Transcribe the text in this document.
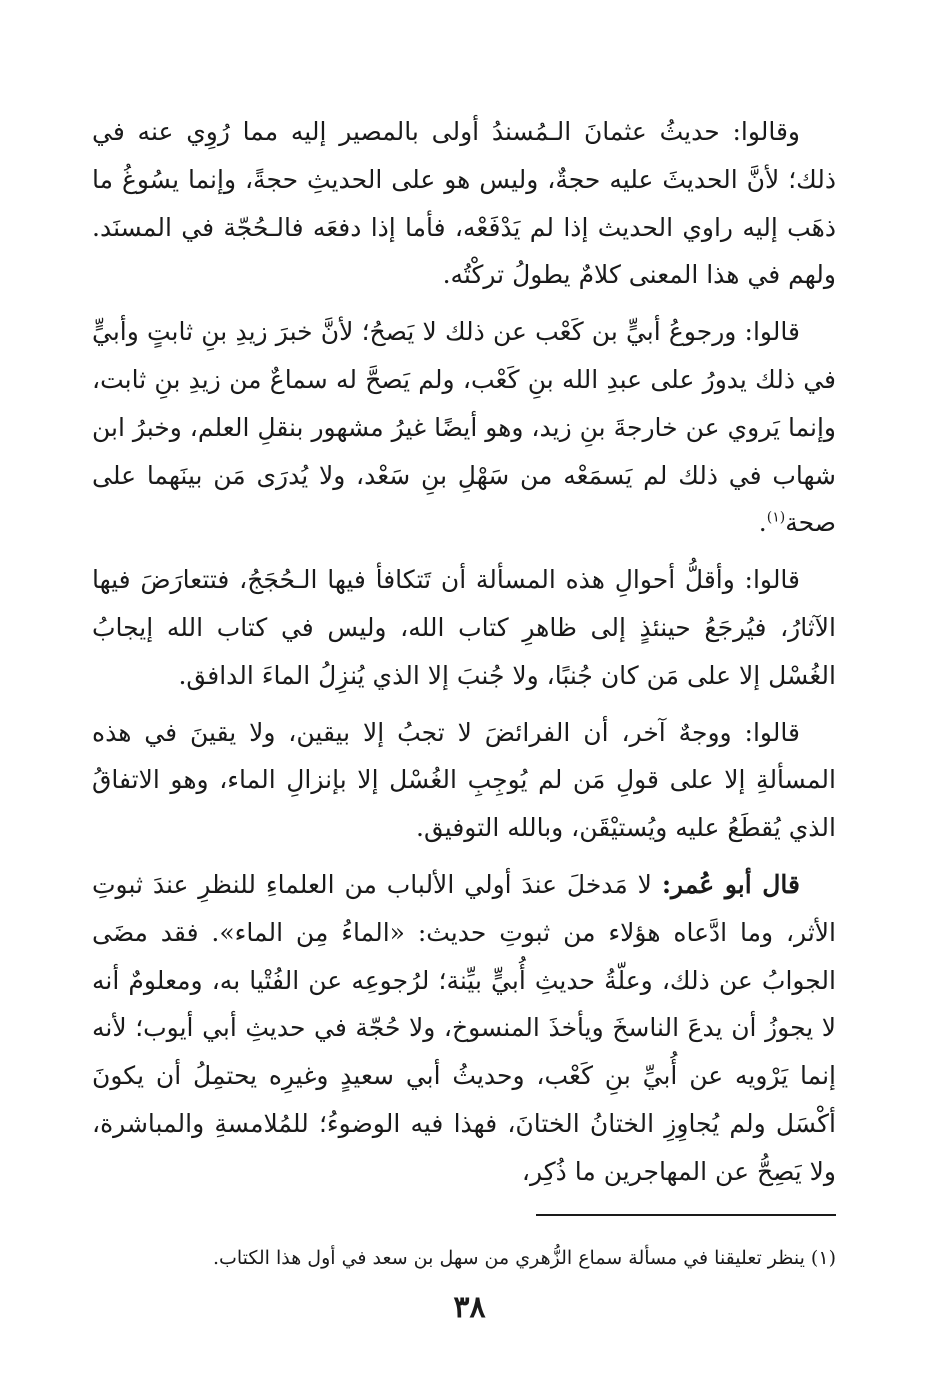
وقالوا: حديثُ عثمانَ الـمُسندُ أولى بالمصير إليه مما رُوِي عنه في ذلك؛ لأنَّ الحديثَ عليه حجةٌ، وليس هو على الحديثِ حجةً، وإنما يسُوغُ ما ذهَب إليه راوي الحديث إذا لم يَدْفَعْه، فأما إذا دفعَه فالـحُجّة في المسنَد. ولهم في هذا المعنى كلامٌ يطولُ تركْتُه.

قالوا: ورجوعُ أبيٍّ بن كَعْب عن ذلك لا يَصحُ؛ لأنَّ خبرَ زيدِ بنِ ثابتٍ وأبيٍّ في ذلك يدورُ على عبدِ الله بنِ كَعْب، ولم يَصحَّ له سماعٌ من زيدِ بنِ ثابت، وإنما يَروي عن خارجةَ بنِ زيد، وهو أيضًا غيرُ مشهور بنقلِ العلم، وخبرُ ابن شهاب في ذلك لم يَسمَعْه من سَهْلِ بنِ سَعْد، ولا يُدرَى مَن بينَهما على صحة$^{(١)}$.

قالوا: وأقلُّ أحوالِ هذه المسألة أن تَتكافأ فيها الـحُجَجُ، فتتعارَضَ فيها الآثارُ، فيُرجَعُ حينئذٍ إلى ظاهرِ كتاب الله، وليس في كتاب الله إيجابُ الغُسْل إلا على مَن كان جُنبًا، ولا جُنبَ إلا الذي يُنزِلُ الماءَ الدافق.

قالوا: ووجهٌ آخر، أن الفرائضَ لا تجبُ إلا بيقين، ولا يقينَ في هذه المسألةِ إلا على قولِ مَن لم يُوجِبِ الغُسْل إلا بإنزالِ الماء، وهو الاتفاقُ الذي يُقطَعُ عليه ويُستيْقَن، وبالله التوفيق.

قال أبو عُمر: لا مَدخلَ عندَ أولي الألباب من العلماءِ للنظرِ عندَ ثبوتِ الأثر، وما ادَّعاه هؤلاء من ثبوتِ حديث: «الماءُ مِن الماء». فقد مضَى الجوابُ عن ذلك، وعلّةُ حديثِ أُبيٍّ بيِّنة؛ لرُجوعِه عن الفُتْيا به، ومعلومٌ أنه لا يجوزُ أن يدعَ الناسخَ ويأخذَ المنسوخ، ولا حُجّة في حديثِ أبي أيوب؛ لأنه إنما يَرْويه عن أُبيِّ بنِ كَعْب، وحديثُ أبي سعيدٍ وغيرِه يحتمِلُ أن يكونَ أكْسَل ولم يُجاوِزِ الختانُ الختانَ، فهذا فيه الوضوءُ؛ للمُلامسةِ والمباشرة، ولا يَصِحُّ عن المهاجرين ما ذُكِر،

(١) ينظر تعليقنا في مسألة سماع الزُّهري من سهل بن سعد في أول هذا الكتاب.
٣٨
